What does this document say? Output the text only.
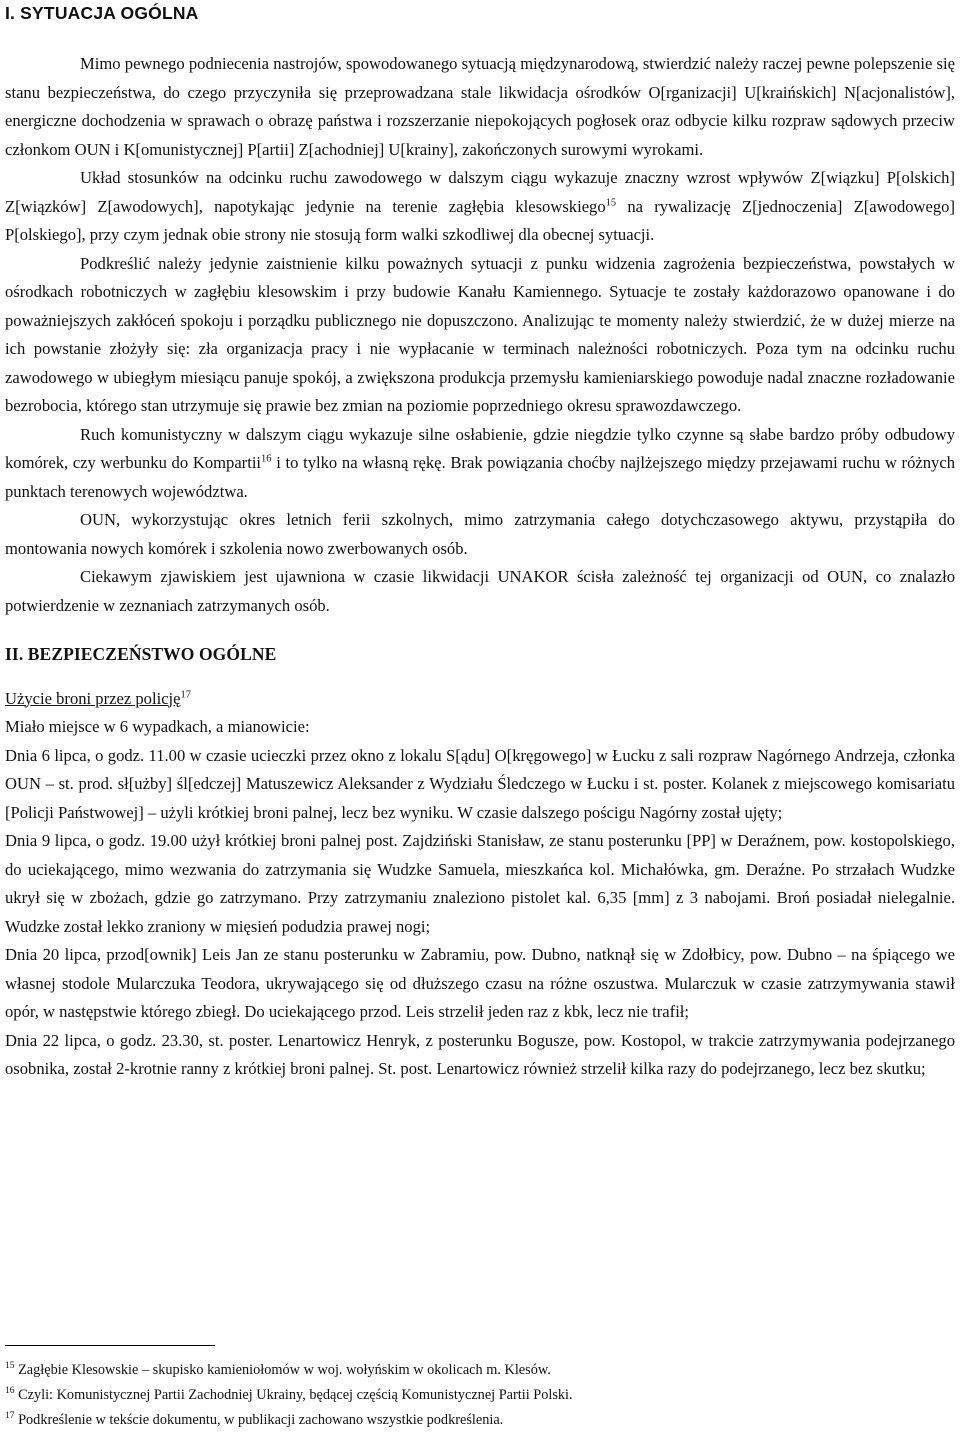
I. SYTUACJA OGÓLNA

Mimo pewnego podniecenia nastrojów, spowodowanego sytuacją międzynarodową, stwierdzić należy raczej pewne polepszenie się stanu bezpieczeństwa, do czego przyczyniła się przeprowadzana stale likwidacja ośrodków O[rganizacji] U[kraińskich] N[acjonalistów], energiczne dochodzenia w sprawach o obrazę państwa i rozszerzanie niepokojących pogłosek oraz odbycie kilku rozpraw sądowych przeciw członkom OUN i K[omunistycznej] P[artii] Z[achodniej] U[krainy], zakończonych surowymi wyrokami.

Układ stosunków na odcinku ruchu zawodowego w dalszym ciągu wykazuje znaczny wzrost wpływów Z[wiązku] P[olskich] Z[wiązków] Z[awodowych], napotykając jedynie na terenie zagłębia klesowskiego$^{15}$ na rywalizację Z[jednoczenia] Z[awodowego] P[olskiego], przy czym jednak obie strony nie stosują form walki szkodliwej dla obecnej sytuacji.

Podkreślić należy jedynie zaistnienie kilku poważnych sytuacji z punku widzenia zagrożenia bezpieczeństwa, powstałych w ośrodkach robotniczych w zagłębiu klesowskim i przy budowie Kanału Kamiennego. Sytuacje te zostały każdorazowo opanowane i do poważniejszych zakłóceń spokoju i porządku publicznego nie dopuszczono. Analizując te momenty należy stwierdzić, że w dużej mierze na ich powstanie złożyły się: zła organizacja pracy i nie wypłacanie w terminach należności robotniczych. Poza tym na odcinku ruchu zawodowego w ubiegłym miesiącu panuje spokój, a zwiększona produkcja przemysłu kamieniarskiego powoduje nadal znaczne rozładowanie bezrobocia, którego stan utrzymuje się prawie bez zmian na poziomie poprzedniego okresu sprawozdawczego.

Ruch komunistyczny w dalszym ciągu wykazuje silne osłabienie, gdzie niegdzie tylko czynne są słabe bardzo próby odbudowy komórek, czy werbunku do Kompartii$^{16}$ i to tylko na własną rękę. Brak powiązania choćby najlżejszego między przejawami ruchu w różnych punktach terenowych województwa.

OUN, wykorzystując okres letnich ferii szkolnych, mimo zatrzymania całego dotychczasowego aktywu, przystąpiła do montowania nowych komórek i szkolenia nowo zwerbowanych osób.

Ciekawym zjawiskiem jest ujawniona w czasie likwidacji UNAKOR ścisła zależność tej organizacji od OUN, co znalazło potwierdzenie w zeznaniach zatrzymanych osób.

II. BEZPIECZEŃSTWO OGÓLNE

Użycie broni przez policję$^{17}$

Miało miejsce w 6 wypadkach, a mianowicie:

Dnia 6 lipca, o godz. 11.00 w czasie ucieczki przez okno z lokalu S[ądu] O[kręgowego] w Łucku z sali rozpraw Nagórnego Andrzeja, członka OUN – st. prod. sł[użby] śl[edczej] Matuszewicz Aleksander z Wydziału Śledczego w Łucku i st. poster. Kolanek z miejscowego komisariatu [Policji Państwowej] – użyli krótkiej broni palnej, lecz bez wyniku. W czasie dalszego pościgu Nagórny został ujęty;

Dnia 9 lipca, o godz. 19.00 użył krótkiej broni palnej post. Zajdziński Stanisław, ze stanu posterunku [PP] w Deraźnem, pow. kostopolskiego, do uciekającego, mimo wezwania do zatrzymania się Wudzke Samuela, mieszkańca kol. Michałówka, gm. Deraźne. Po strzałach Wudzke ukrył się w zbożach, gdzie go zatrzymano. Przy zatrzymaniu znaleziono pistolet kal. 6,35 [mm] z 3 nabojami. Broń posiadał nielegalnie. Wudzke został lekko zraniony w mięsień podudzia prawej nogi;

Dnia 20 lipca, przod[ownik] Leis Jan ze stanu posterunku w Zabramiu, pow. Dubno, natknął się w Zdołbicy, pow. Dubno – na śpiącego we własnej stodole Mularczuka Teodora, ukrywającego się od dłuższego czasu na różne oszustwa. Mularczuk w czasie zatrzymywania stawił opór, w następstwie którego zbiegł. Do uciekającego przod. Leis strzelił jeden raz z kbk, lecz nie trafił;

Dnia 22 lipca, o godz. 23.30, st. poster. Lenartowicz Henryk, z posterunku Bogusze, pow. Kostopol, w trakcie zatrzymywania podejrzanego osobnika, został 2-krotnie ranny z krótkiej broni palnej. St. post. Lenartowicz również strzelił kilka razy do podejrzanego, lecz bez skutku;

$^{15}$ Zagłębie Klesowskie – skupisko kamieniołomów w woj. wołyńskim w okolicach m. Klesów.
$^{16}$ Czyli: Komunistycznej Partii Zachodniej Ukrainy, będącej częścią Komunistycznej Partii Polski.
$^{17}$ Podkreślenie w tekście dokumentu, w publikacji zachowano wszystkie podkreślenia.
